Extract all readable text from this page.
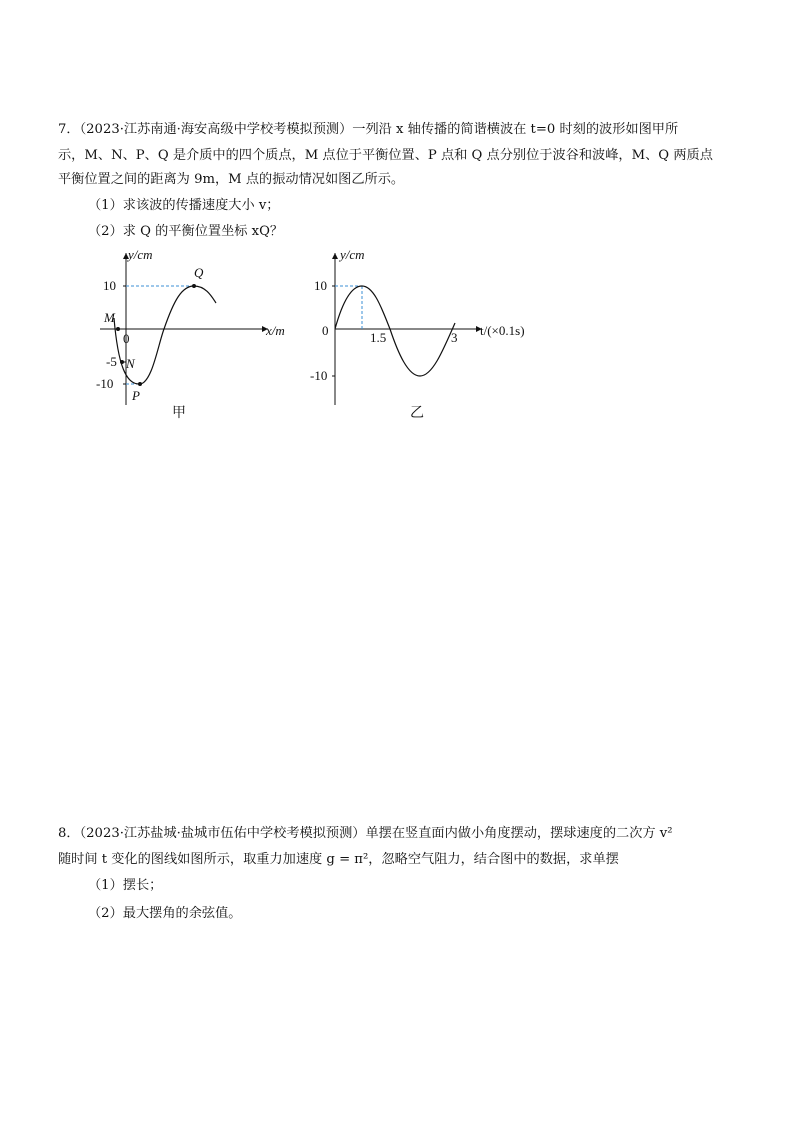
7．（2023·江苏南通·海安高级中学校考模拟预测）一列沿 x 轴传播的简谐横波在 t=0 时刻的波形如图甲所
示，M、N、P、Q 是介质中的四个质点，M 点位于平衡位置、P 点和 Q 点分别位于波谷和波峰，M、Q 两质点
平衡位置之间的距离为 9m，M 点的振动情况如图乙所示。
（1）求该波的传播速度大小 v；
（2）求 Q 的平衡位置坐标 xQ？
y/cm
x/m
0
10
-5
-10
M
N
P
Q
甲
y/cm
t/(×0.1s)
0
10
-10
1.5	3
乙
8．（2023·江苏盐城·盐城市伍佑中学校考模拟预测）单摆在竖直面内做小角度摆动，摆球速度的二次方 v²
随时间 t 变化的图线如图所示，取重力加速度 g = π²，忽略空气阻力，结合图中的数据，求单摆
（1）摆长；
（2）最大摆角的余弦值。
